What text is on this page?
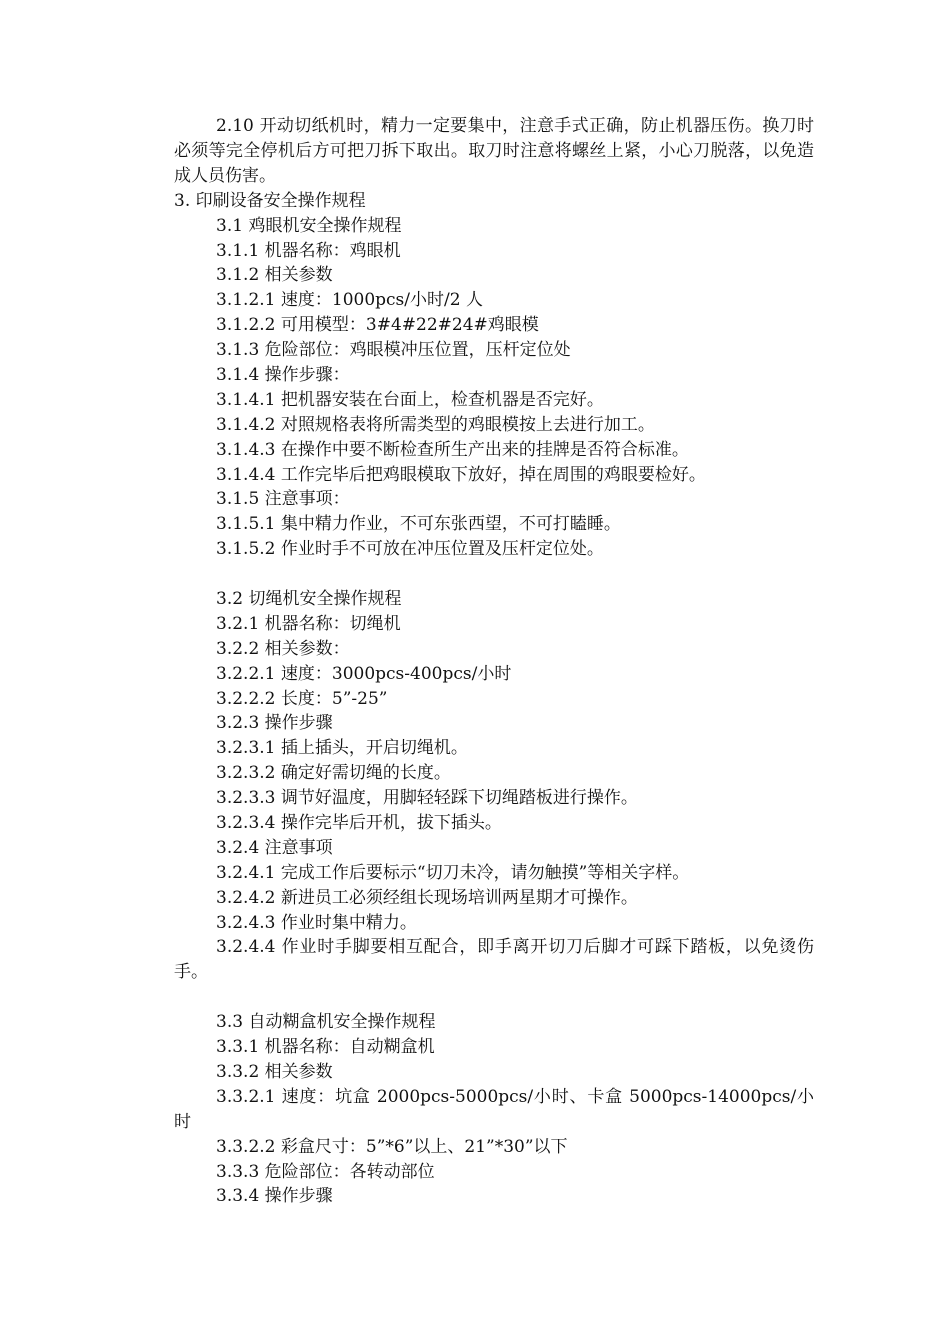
2.10 开动切纸机时，精力一定要集中，注意手式正确，防止机器压伤。换刀时必须等完全停机后方可把刀拆下取出。取刀时注意将螺丝上紧，小心刀脱落，以免造成人员伤害。

3. 印刷设备安全操作规程

3.1 鸡眼机安全操作规程

3.1.1 机器名称：鸡眼机

3.1.2 相关参数

3.1.2.1 速度：1000pcs/小时/2 人

3.1.2.2 可用模型：3#4#22#24#鸡眼模

3.1.3 危险部位：鸡眼模冲压位置，压杆定位处

3.1.4 操作步骤：

3.1.4.1 把机器安装在台面上，检查机器是否完好。

3.1.4.2 对照规格表将所需类型的鸡眼模按上去进行加工。

3.1.4.3 在操作中要不断检查所生产出来的挂牌是否符合标准。

3.1.4.4 工作完毕后把鸡眼模取下放好，掉在周围的鸡眼要检好。

3.1.5 注意事项：

3.1.5.1 集中精力作业，不可东张西望，不可打瞌睡。

3.1.5.2 作业时手不可放在冲压位置及压杆定位处。

3.2 切绳机安全操作规程

3.2.1 机器名称：切绳机

3.2.2 相关参数：

3.2.2.1 速度：3000pcs-400pcs/小时

3.2.2.2 长度：5”-25”

3.2.3 操作步骤

3.2.3.1 插上插头，开启切绳机。

3.2.3.2 确定好需切绳的长度。

3.2.3.3 调节好温度，用脚轻轻踩下切绳踏板进行操作。

3.2.3.4 操作完毕后开机，拔下插头。

3.2.4 注意事项

3.2.4.1 完成工作后要标示“切刀未冷，请勿触摸”等相关字样。

3.2.4.2 新进员工必须经组长现场培训两星期才可操作。

3.2.4.3 作业时集中精力。

3.2.4.4 作业时手脚要相互配合，即手离开切刀后脚才可踩下踏板，以免烫伤手。

3.3 自动糊盒机安全操作规程

3.3.1 机器名称：自动糊盒机

3.3.2 相关参数

3.3.2.1 速度：坑盒 2000pcs-5000pcs/小时、卡盒 5000pcs-14000pcs/小时

3.3.2.2 彩盒尺寸：5”*6”以上、21”*30”以下

3.3.3 危险部位：各转动部位

3.3.4 操作步骤
